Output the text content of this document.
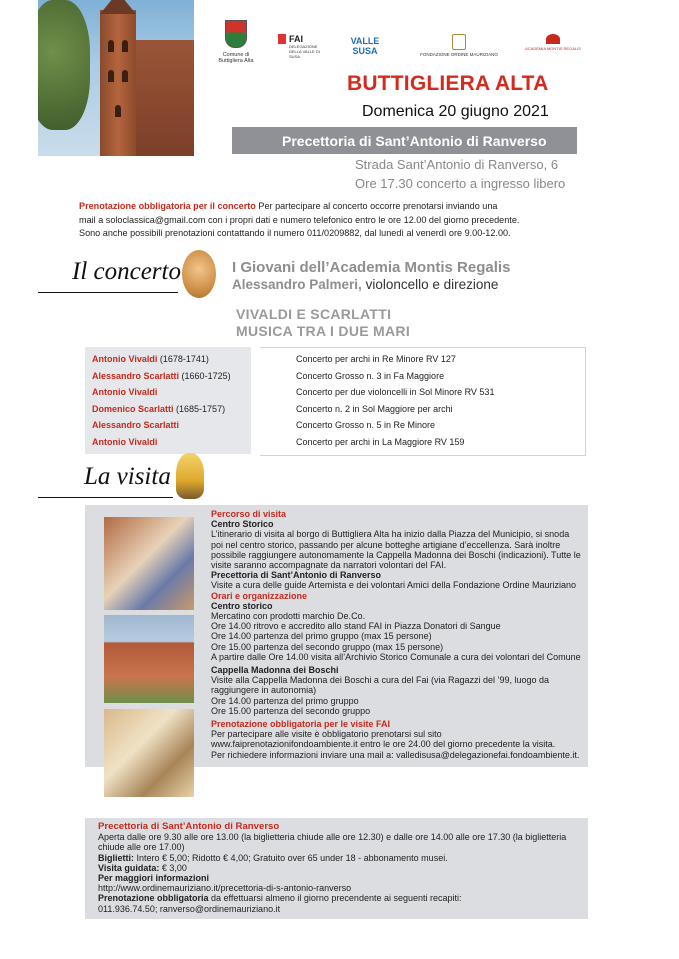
Comune di Buttigliera Alta
FAI
DELEGAZIONE DELLA VALLE DI SUSA
VALLE SUSA	FONDAZIONE ORDINE MAURIZIANO
ACADEMIA MONTIS REGALIS
BUTTIGLIERA ALTA
Domenica 20 giugno 2021
Precettoria di Sant’Antonio di Ranverso
Strada Sant’Antonio di Ranverso, 6
Ore 17.30 concerto a ingresso libero
Prenotazione obbligatoria per il concerto Per partecipare al concerto occorre prenotarsi inviando una
mail a soloclassica@gmail.com con i propri dati e numero telefonico entro le ore 12.00 del giorno precedente.
Sono anche possibili prenotazioni contattando il numero 011/0209882, dal lunedì al venerdì ore 9.00-12.00.
Il concerto	I Giovani dell’Academia Montis Regalis
Alessandro Palmeri, violoncello e direzione
VIVALDI E SCARLATTI
MUSICA TRA I DUE MARI
Antonio Vivaldi (1678-1741)	Concerto per archi in Re Minore RV 127
Alessandro Scarlatti (1660-1725)	Concerto Grosso n. 3 in Fa Maggiore
Antonio Vivaldi	Concerto per due violoncelli in Sol Minore RV 531
Domenico Scarlatti (1685-1757)	Concerto n. 2 in Sol Maggiore per archi
Alessandro Scarlatti	Concerto Grosso n. 5 in Re Minore
Antonio Vivaldi	Concerto per archi in La Maggiore RV 159
La visita

Percorso di visita

Centro Storico

L’itinerario di visita al borgo di Buttigliera Alta ha inizio dalla Piazza del Municipio, si snoda poi nel centro storico, passando per alcune botteghe artigiane d’eccellenza. Sarà inoltre possibile raggiungere autonomamente la Cappella Madonna dei Boschi (indicazioni). Tutte le visite saranno accompagnate da narratori volontari del FAI.

Precettoria di Sant’Antonio di Ranverso

Visite a cura delle guide Artemista e dei volontari Amici della Fondazione Ordine Mauriziano

Orari e organizzazione

Centro storico

Mercatino con prodotti marchio De.Co.

Ore 14.00 ritrovo e accredito allo stand FAI in Piazza Donatori di Sangue

Ore 14.00 partenza del primo gruppo (max 15 persone)

Ore 15.00 partenza del secondo gruppo (max 15 persone)

A partire dalle Ore 14.00 visita all’Archivio Storico Comunale a cura dei volontari del Comune

Cappella Madonna dei Boschi

Visite alla Cappella Madonna dei Boschi a cura del Fai (via Ragazzi del ’99, luogo da raggiungere in autonomia)

Ore 14.00 partenza del primo gruppo

Ore 15.00 partenza del secondo gruppo

Prenotazione obbligatoria per le visite FAI

Per partecipare alle visite è obbligatorio prenotarsi sul sito www.faiprenotazionifondoambiente.it entro le ore 24.00 del giorno precedente la visita.

Per richiedere informazioni inviare una mail a: valledisusa@delegazionefai.fondoambiente.it.

Precettoria di Sant’Antonio di Ranverso

Aperta dalle ore 9.30 alle ore 13.00 (la biglietteria chiude alle ore 12.30) e dalle ore 14.00 alle ore 17.30 (la biglietteria chiude alle ore 17.00)

Biglietti: Intero € 5,00; Ridotto € 4,00; Gratuito over 65 under 18 - abbonamento musei.

Visita guidata: € 3,00

Per maggiori informazioni

http://www.ordinemauriziano.it/precettoria-di-s-antonio-ranverso

Prenotazione obbligatoria da effettuarsi almeno il giorno precendente ai seguenti recapiti:

011.936.74.50; ranverso@ordinemauriziano.it
